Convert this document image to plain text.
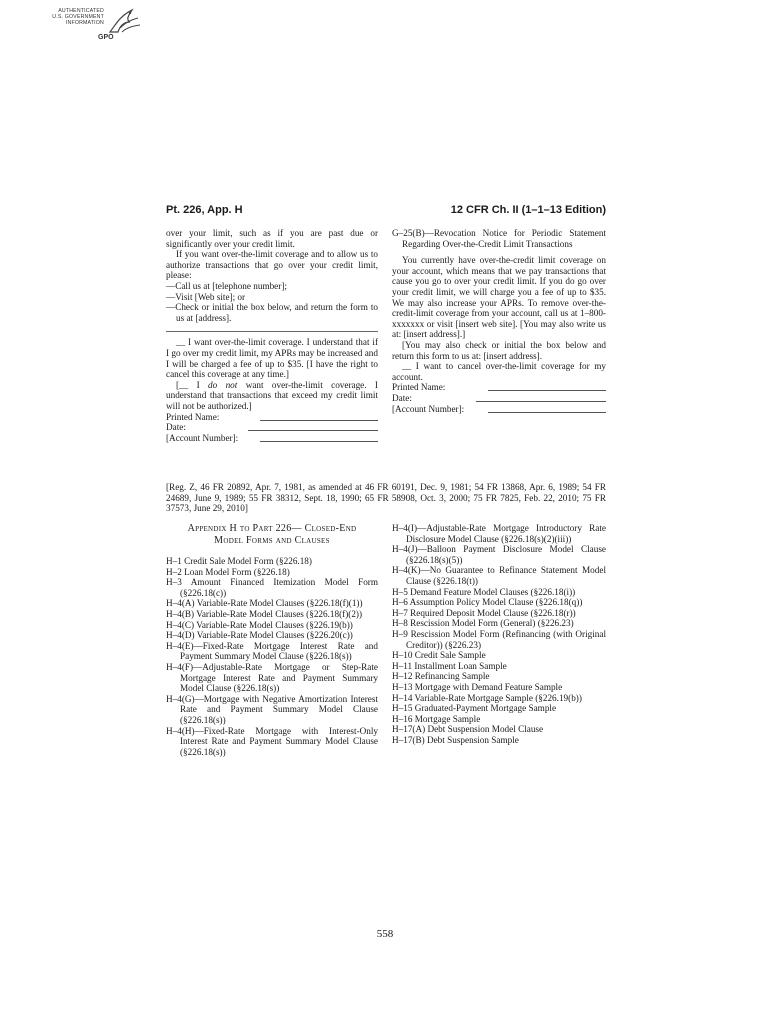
AUTHENTICATED
U.S. GOVERNMENT
INFORMATION
GPO
Pt. 226, App. H	12 CFR Ch. II (1–1–13 Edition)

over your limit, such as if you are past due or significantly over your credit limit.

If you want over-the-limit coverage and to allow us to authorize transactions that go over your credit limit, please:

—Call us at [telephone number];

—Visit [Web site]; or

—Check or initial the box below, and return the form to us at [address].

__ I want over-the-limit coverage. I understand that if I go over my credit limit, my APRs may be increased and I will be charged a fee of up to $35. [I have the right to cancel this coverage at any time.]

[__ I do not want over-the-limit coverage. I understand that transactions that exceed my credit limit will not be authorized.]

Printed Name:
Date:
[Account Number]:

G–25(B)—Revocation Notice for Periodic Statement Regarding Over-the-Credit Limit Transactions

You currently have over-the-credit limit coverage on your account, which means that we pay transactions that cause you go to over your credit limit. If you do go over your credit limit, we will charge you a fee of up to $35. We may also increase your APRs. To remove over-the-credit-limit coverage from your account, call us at 1–800-xxxxxxx or visit [insert web site]. [You may also write us at: [insert address].]

[You may also check or initial the box below and return this form to us at: [insert address].

__ I want to cancel over-the-limit coverage for my account.

Printed Name:
Date:
[Account Number]:

[Reg. Z, 46 FR 20892, Apr. 7, 1981, as amended at 46 FR 60191, Dec. 9, 1981; 54 FR 13868, Apr. 6, 1989; 54 FR 24689, June 9, 1989; 55 FR 38312, Sept. 18, 1990; 65 FR 58908, Oct. 3, 2000; 75 FR 7825, Feb. 22, 2010; 75 FR 37573, June 29, 2010]

Appendix H to Part 226— Closed-End
Model Forms and Clauses

H–1 Credit Sale Model Form (§226.18)

H–2 Loan Model Form (§226.18)

H–3 Amount Financed Itemization Model Form (§226.18(c))

H–4(A) Variable-Rate Model Clauses (§226.18(f)(1))

H–4(B) Variable-Rate Model Clauses (§226.18(f)(2))

H–4(C) Variable-Rate Model Clauses (§226.19(b))

H–4(D) Variable-Rate Model Clauses (§226.20(c))

H–4(E)—Fixed-Rate Mortgage Interest Rate and Payment Summary Model Clause (§226.18(s))

H–4(F)—Adjustable-Rate Mortgage or Step-Rate Mortgage Interest Rate and Payment Summary Model Clause (§226.18(s))

H–4(G)—Mortgage with Negative Amortization Interest Rate and Payment Summary Model Clause (§226.18(s))

H–4(H)—Fixed-Rate Mortgage with Interest-Only Interest Rate and Payment Summary Model Clause (§226.18(s))

H–4(I)—Adjustable-Rate Mortgage Introductory Rate Disclosure Model Clause (§226.18(s)(2)(iii))

H–4(J)—Balloon Payment Disclosure Model Clause (§226.18(s)(5))

H–4(K)—No Guarantee to Refinance Statement Model Clause (§226.18(t))

H–5 Demand Feature Model Clauses (§226.18(i))

H–6 Assumption Policy Model Clause (§226.18(q))

H–7 Required Deposit Model Clause (§226.18(r))

H–8 Rescission Model Form (General) (§226.23)

H–9 Rescission Model Form (Refinancing (with Original Creditor)) (§226.23)

H–10 Credit Sale Sample

H–11 Installment Loan Sample

H–12 Refinancing Sample

H–13 Mortgage with Demand Feature Sample

H–14 Variable-Rate Mortgage Sample (§226.19(b))

H–15 Graduated-Payment Mortgage Sample

H–16 Mortgage Sample

H–17(A) Debt Suspension Model Clause

H–17(B) Debt Suspension Sample

558
